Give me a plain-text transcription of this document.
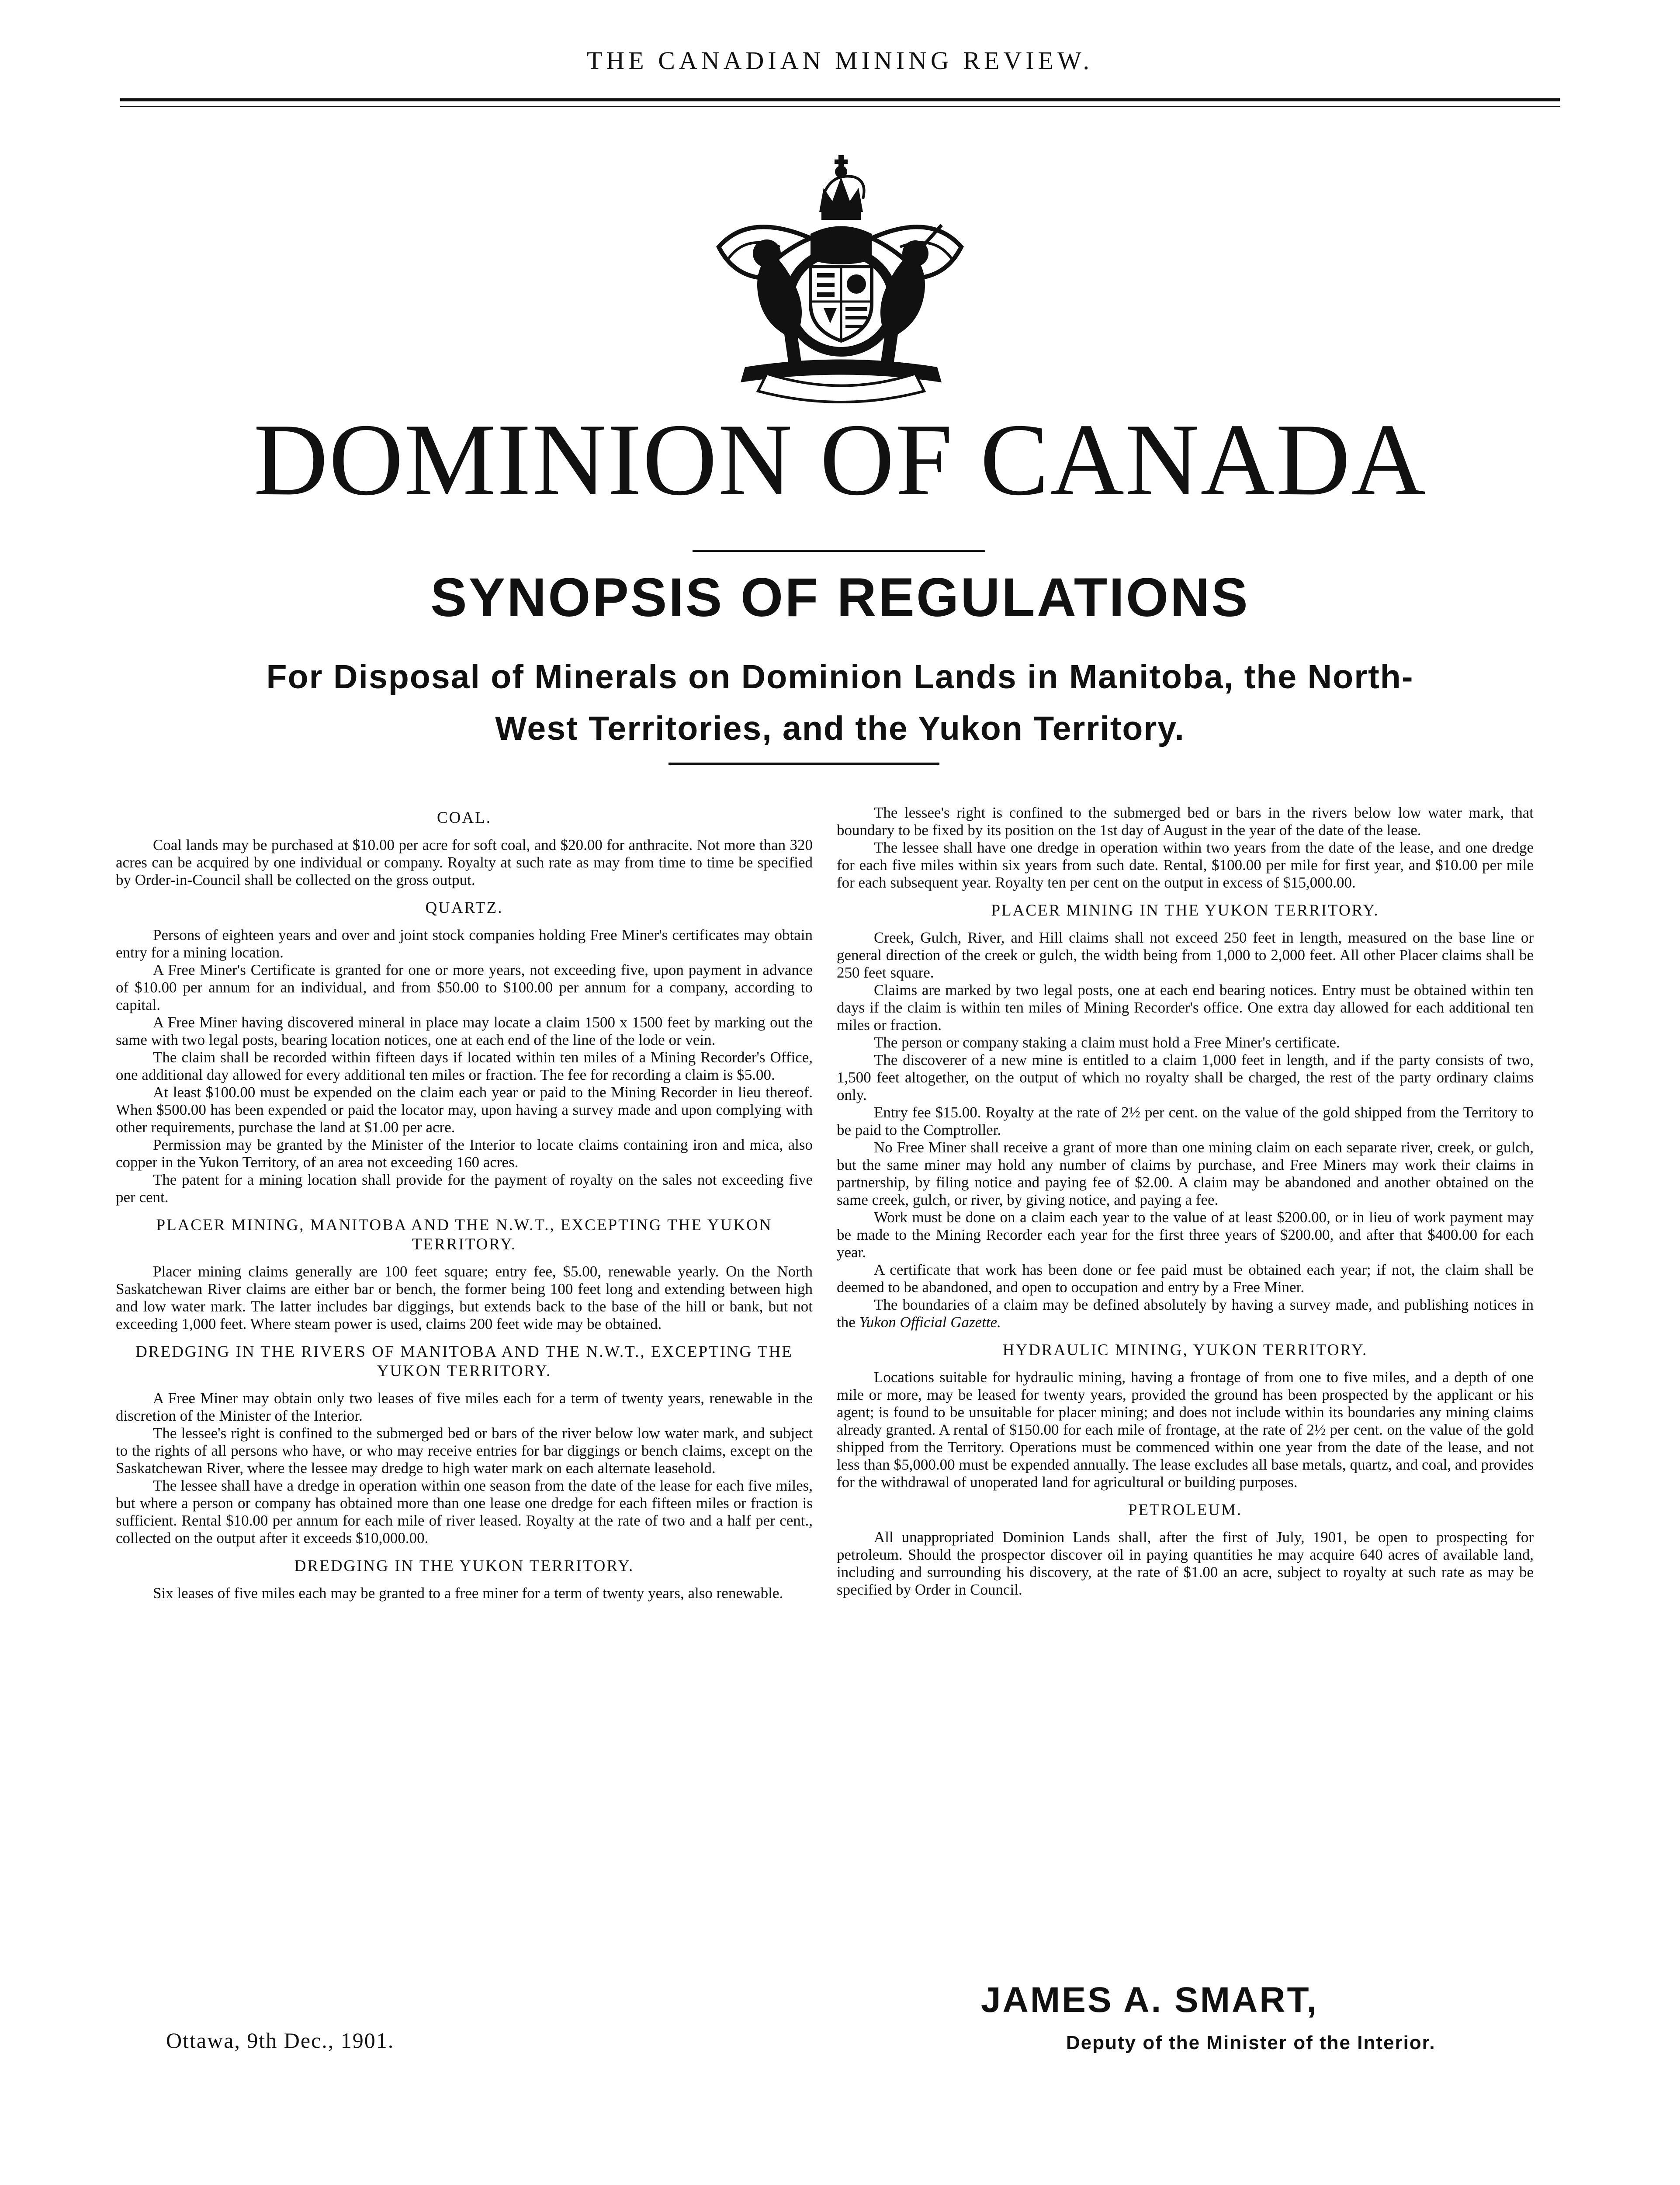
THE CANADIAN MINING REVIEW.
DOMINION OF CANADA
SYNOPSIS OF REGULATIONS
For Disposal of Minerals on Dominion Lands in Manitoba, the North-
West Territories, and the Yukon Territory.
COAL.

Coal lands may be purchased at $10.00 per acre for soft coal, and $20.00 for anthracite. Not more than 320 acres can be acquired by one individual or company. Royalty at such rate as may from time to time be specified by Order-in-Council shall be collected on the gross output.

QUARTZ.

Persons of eighteen years and over and joint stock companies holding Free Miner's certificates may obtain entry for a mining location.

A Free Miner's Certificate is granted for one or more years, not exceeding five, upon payment in advance of $10.00 per annum for an individual, and from $50.00 to $100.00 per annum for a company, according to capital.

A Free Miner having discovered mineral in place may locate a claim 1500 x 1500 feet by marking out the same with two legal posts, bearing location notices, one at each end of the line of the lode or vein.

The claim shall be recorded within fifteen days if located within ten miles of a Mining Recorder's Office, one additional day allowed for every additional ten miles or fraction. The fee for recording a claim is $5.00.

At least $100.00 must be expended on the claim each year or paid to the Mining Recorder in lieu thereof. When $500.00 has been expended or paid the locator may, upon having a survey made and upon complying with other requirements, purchase the land at $1.00 per acre.

Permission may be granted by the Minister of the Interior to locate claims containing iron and mica, also copper in the Yukon Territory, of an area not exceeding 160 acres.

The patent for a mining location shall provide for the payment of royalty on the sales not exceeding five per cent.

PLACER MINING, MANITOBA AND THE N.W.T., EXCEPTING THE YUKON TERRITORY.

Placer mining claims generally are 100 feet square; entry fee, $5.00, renewable yearly. On the North Saskatchewan River claims are either bar or bench, the former being 100 feet long and extending between high and low water mark. The latter includes bar diggings, but extends back to the base of the hill or bank, but not exceeding 1,000 feet. Where steam power is used, claims 200 feet wide may be obtained.

DREDGING IN THE RIVERS OF MANITOBA AND THE N.W.T., EXCEPTING THE YUKON TERRITORY.

A Free Miner may obtain only two leases of five miles each for a term of twenty years, renewable in the discretion of the Minister of the Interior.

The lessee's right is confined to the submerged bed or bars of the river below low water mark, and subject to the rights of all persons who have, or who may receive entries for bar diggings or bench claims, except on the Saskatchewan River, where the lessee may dredge to high water mark on each alternate leasehold.

The lessee shall have a dredge in operation within one season from the date of the lease for each five miles, but where a person or company has obtained more than one lease one dredge for each fifteen miles or fraction is sufficient. Rental $10.00 per annum for each mile of river leased. Royalty at the rate of two and a half per cent., collected on the output after it exceeds $10,000.00.

DREDGING IN THE YUKON TERRITORY.

Six leases of five miles each may be granted to a free miner for a term of twenty years, also renewable.

The lessee's right is confined to the submerged bed or bars in the rivers below low water mark, that boundary to be fixed by its position on the 1st day of August in the year of the date of the lease.

The lessee shall have one dredge in operation within two years from the date of the lease, and one dredge for each five miles within six years from such date. Rental, $100.00 per mile for first year, and $10.00 per mile for each subsequent year. Royalty ten per cent on the output in excess of $15,000.00.

PLACER MINING IN THE YUKON TERRITORY.

Creek, Gulch, River, and Hill claims shall not exceed 250 feet in length, measured on the base line or general direction of the creek or gulch, the width being from 1,000 to 2,000 feet. All other Placer claims shall be 250 feet square.

Claims are marked by two legal posts, one at each end bearing notices. Entry must be obtained within ten days if the claim is within ten miles of Mining Recorder's office. One extra day allowed for each additional ten miles or fraction.

The person or company staking a claim must hold a Free Miner's certificate.

The discoverer of a new mine is entitled to a claim 1,000 feet in length, and if the party consists of two, 1,500 feet altogether, on the output of which no royalty shall be charged, the rest of the party ordinary claims only.

Entry fee $15.00. Royalty at the rate of 2½ per cent. on the value of the gold shipped from the Territory to be paid to the Comptroller.

No Free Miner shall receive a grant of more than one mining claim on each separate river, creek, or gulch, but the same miner may hold any number of claims by purchase, and Free Miners may work their claims in partnership, by filing notice and paying fee of $2.00. A claim may be abandoned and another obtained on the same creek, gulch, or river, by giving notice, and paying a fee.

Work must be done on a claim each year to the value of at least $200.00, or in lieu of work payment may be made to the Mining Recorder each year for the first three years of $200.00, and after that $400.00 for each year.

A certificate that work has been done or fee paid must be obtained each year; if not, the claim shall be deemed to be abandoned, and open to occupation and entry by a Free Miner.

The boundaries of a claim may be defined absolutely by having a survey made, and publishing notices in the Yukon Official Gazette.

HYDRAULIC MINING, YUKON TERRITORY.

Locations suitable for hydraulic mining, having a frontage of from one to five miles, and a depth of one mile or more, may be leased for twenty years, provided the ground has been prospected by the applicant or his agent; is found to be unsuitable for placer mining; and does not include within its boundaries any mining claims already granted. A rental of $150.00 for each mile of frontage, at the rate of 2½ per cent. on the value of the gold shipped from the Territory. Operations must be commenced within one year from the date of the lease, and not less than $5,000.00 must be expended annually. The lease excludes all base metals, quartz, and coal, and provides for the withdrawal of unoperated land for agricultural or building purposes.

PETROLEUM.

All unappropriated Dominion Lands shall, after the first of July, 1901, be open to prospecting for petroleum. Should the prospector discover oil in paying quantities he may acquire 640 acres of available land, including and surrounding his discovery, at the rate of $1.00 an acre, subject to royalty at such rate as may be specified by Order in Council.

JAMES A. SMART,
Deputy of the Minister of the Interior.
Ottawa, 9th Dec., 1901.
